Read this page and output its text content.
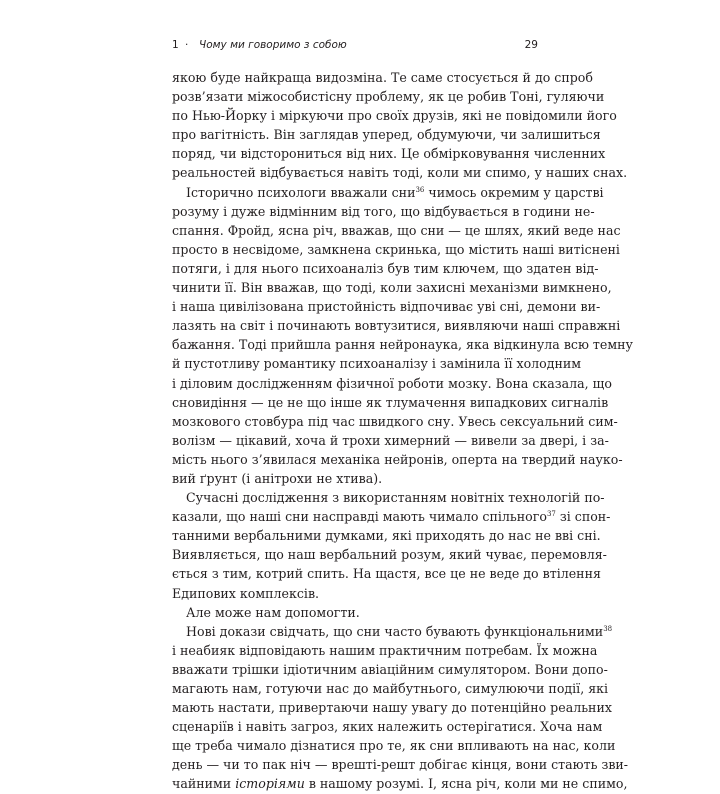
1 · Чому ми говоримо з собою	29
якою буде найкраща видозміна. Те саме стосується й до спроб
розв’язати міжособистісну проблему, як це робив Тоні, гуляючи
по Нью-Йорку і міркуючи про своїх друзів, які не повідомили його
про вагітність. Він заглядав уперед, обдумуючи, чи залишиться
поряд, чи відсторониться від них. Це обмірковування численних
реальностей відбувається навіть тоді, коли ми спимо, у наших снах.
Історично психологи вважали сни$^{36}$ чимось окремим у царстві
розуму і дуже відмінним від того, що відбувається в години не-
спання. Фройд, ясна річ, вважав, що сни — це шлях, який веде нас
просто в несвідоме, замкнена скринька, що містить наші витіснені
потяги, і для нього психоаналіз був тим ключем, що здатен від-
чинити її. Він вважав, що тоді, коли захисні механізми вимкнено,
і наша цивілізована пристойність відпочиває уві сні, демони ви-
лазять на світ і починають вовтузитися, виявляючи наші справжні
бажання. Тоді прийшла рання нейронаука, яка відкинула всю темну
й пустотливу романтику психоаналізу і замінила її холодним
і діловим дослідженням фізичної роботи мозку. Вона сказала, що
сновидіння — це не що інше як тлумачення випадкових сигналів
мозкового стовбура під час швидкого сну. Увесь сексуальний сим-
волізм — цікавий, хоча й трохи химерний — вивели за двері, і за-
мість нього з’явилася механіка нейронів, оперта на твердий науко-
вий ґрунт (і анітрохи не хтива).
Сучасні дослідження з використанням новітніх технологій по-
казали, що наші сни насправді мають чимало спільного$^{37}$ зі спон-
танними вербальними думками, які приходять до нас не вві сні.
Виявляється, що наш вербальний розум, який чуває, перемовля-
ється з тим, котрий спить. На щастя, все це не веде до втілення
Едипових комплексів.
Але може нам допомогти.
Нові докази свідчать, що сни часто бувають функціональними$^{38}$
і неабияк відповідають нашим практичним потребам. Їх можна
вважати трішки ідіотичним авіаційним симулятором. Вони допо-
магають нам, готуючи нас до майбутнього, симулюючи події, які
мають настати, привертаючи нашу увагу до потенційно реальних
сценаріїв і навіть загроз, яких належить остерігатися. Хоча нам
ще треба чимало дізнатися про те, як сни впливають на нас, коли
день — чи то пак ніч — врешті-решт добігає кінця, вони стають зви-
чайними історіями в нашому розумі. І, ясна річ, коли ми не спимо,
